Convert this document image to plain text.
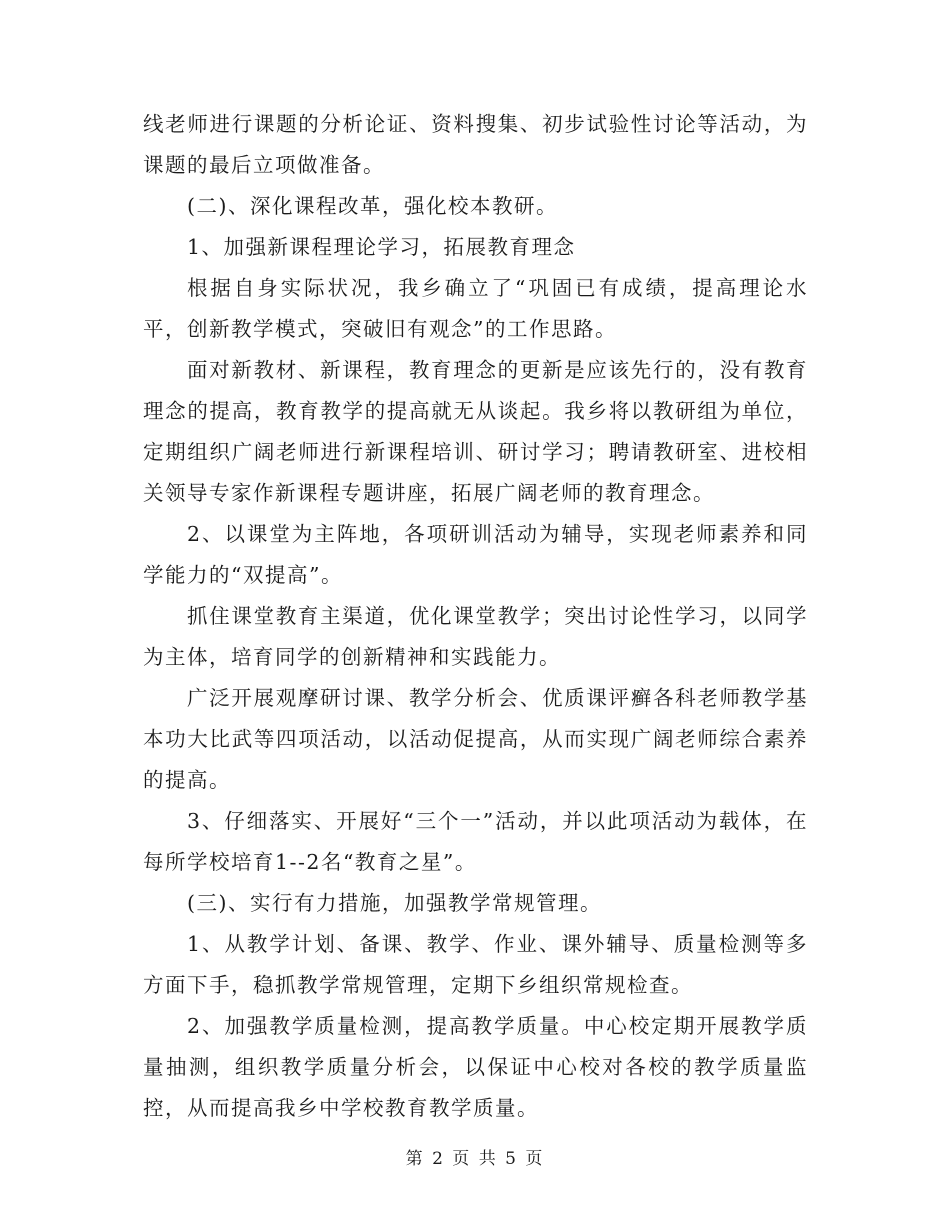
线老师进行课题的分析论证、资料搜集、初步试验性讨论等活动，为课题的最后立项做准备。

(二)、深化课程改革，强化校本教研。

1、加强新课程理论学习，拓展教育理念

根据自身实际状况，我乡确立了“巩固已有成绩，提高理论水平，创新教学模式，突破旧有观念”的工作思路。

面对新教材、新课程，教育理念的更新是应该先行的，没有教育理念的提高，教育教学的提高就无从谈起。我乡将以教研组为单位，定期组织广阔老师进行新课程培训、研讨学习；聘请教研室、进校相关领导专家作新课程专题讲座，拓展广阔老师的教育理念。

2、以课堂为主阵地，各项研训活动为辅导，实现老师素养和同学能力的“双提高”。

抓住课堂教育主渠道，优化课堂教学；突出讨论性学习，以同学为主体，培育同学的创新精神和实践能力。

广泛开展观摩研讨课、教学分析会、优质课评癣各科老师教学基本功大比武等四项活动，以活动促提高，从而实现广阔老师综合素养的提高。

3、仔细落实、开展好“三个一”活动，并以此项活动为载体，在每所学校培育1--2名“教育之星”。

(三)、实行有力措施，加强教学常规管理。

1、从教学计划、备课、教学、作业、课外辅导、质量检测等多方面下手，稳抓教学常规管理，定期下乡组织常规检查。

2、加强教学质量检测，提高教学质量。中心校定期开展教学质量抽测，组织教学质量分析会，以保证中心校对各校的教学质量监控，从而提高我乡中学校教育教学质量。

第 2 页 共 5 页
